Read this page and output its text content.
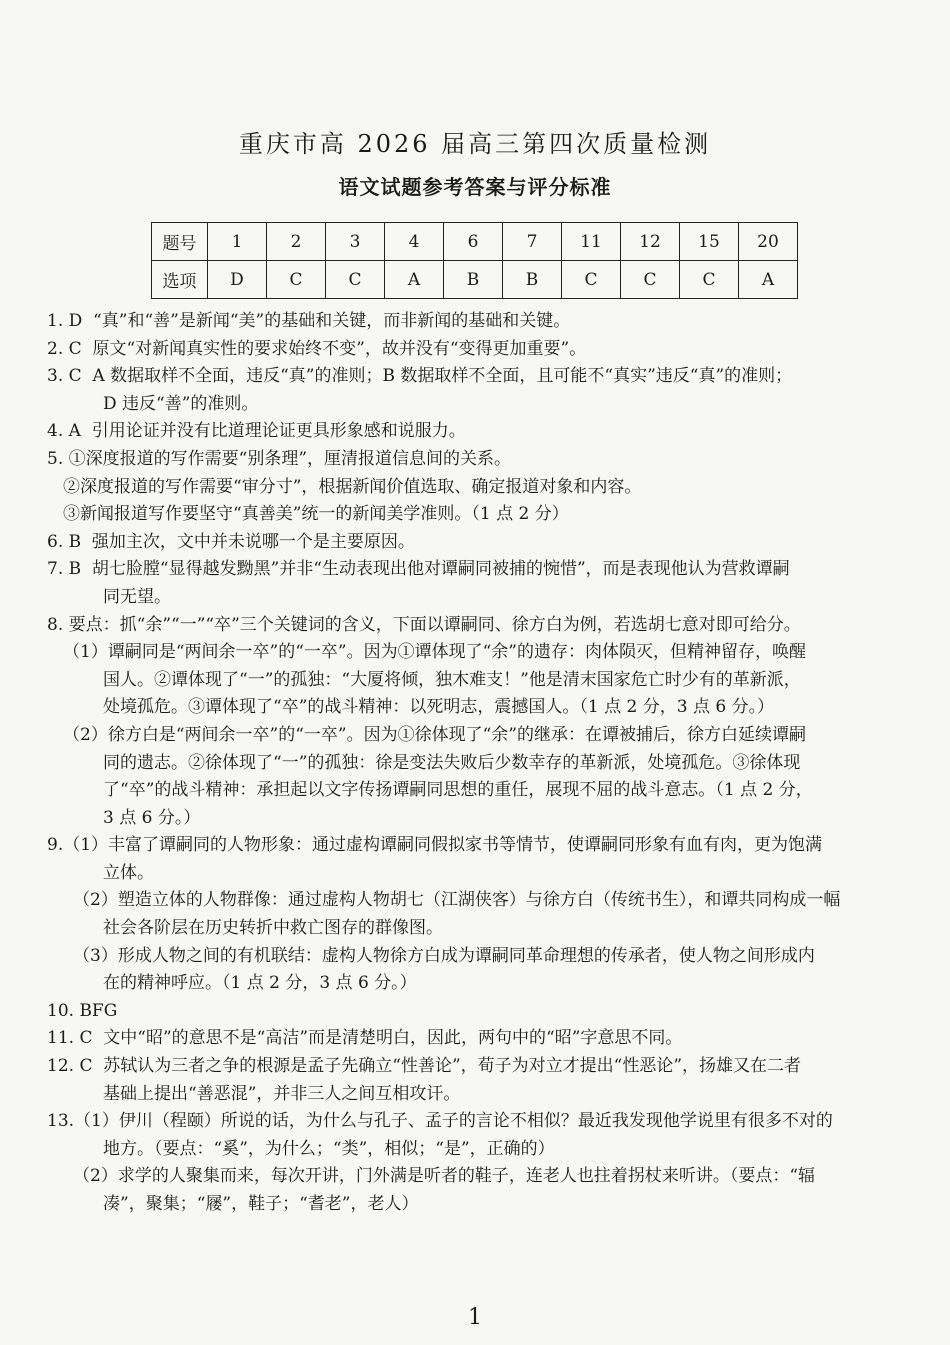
重庆市高 2026 届高三第四次质量检测
语文试题参考答案与评分标准
题号	1	2	3	4	6	7	11	12	15	20
选项	D	C	C	A	B	B	C	C	C	A
1. D  “真”和“善”是新闻“美”的基础和关键，而非新闻的基础和关键。
2. C  原文“对新闻真实性的要求始终不变”，故并没有“变得更加重要”。
3. C  A 数据取样不全面，违反“真”的准则；B 数据取样不全面，且可能不“真实”违反“真”的准则；
D 违反“善”的准则。
4. A  引用论证并没有比道理论证更具形象感和说服力。
5. ①深度报道的写作需要“别条理”，厘清报道信息间的关系。
②深度报道的写作需要“审分寸”，根据新闻价值选取、确定报道对象和内容。
③新闻报道写作要坚守“真善美”统一的新闻美学准则。（1 点 2 分）
6. B  强加主次，文中并未说哪一个是主要原因。
7. B  胡七脸膛“显得越发黝黑”并非“生动表现出他对谭嗣同被捕的惋惜”，而是表现他认为营救谭嗣
同无望。
8. 要点：抓“余”“一”“卒”三个关键词的含义，下面以谭嗣同、徐方白为例，若选胡七意对即可给分。
（1）谭嗣同是“两间余一卒”的“一卒”。因为①谭体现了“余”的遗存：肉体陨灭，但精神留存，唤醒
国人。②谭体现了“一”的孤独：“大厦将倾，独木难支！”他是清末国家危亡时少有的革新派，
处境孤危。③谭体现了“卒”的战斗精神：以死明志，震撼国人。（1 点 2 分，3 点 6 分。）
（2）徐方白是“两间余一卒”的“一卒”。因为①徐体现了“余”的继承：在谭被捕后，徐方白延续谭嗣
同的遗志。②徐体现了“一”的孤独：徐是变法失败后少数幸存的革新派，处境孤危。③徐体现
了“卒”的战斗精神：承担起以文字传扬谭嗣同思想的重任，展现不屈的战斗意志。（1 点 2 分，
3 点 6 分。）
9.（1）丰富了谭嗣同的人物形象：通过虚构谭嗣同假拟家书等情节，使谭嗣同形象有血有肉，更为饱满
立体。
（2）塑造立体的人物群像：通过虚构人物胡七（江湖侠客）与徐方白（传统书生），和谭共同构成一幅
社会各阶层在历史转折中救亡图存的群像图。
（3）形成人物之间的有机联结：虚构人物徐方白成为谭嗣同革命理想的传承者，使人物之间形成内
在的精神呼应。（1 点 2 分，3 点 6 分。）
10. BFG
11. C  文中“昭”的意思不是“高洁”而是清楚明白，因此，两句中的“昭”字意思不同。
12. C  苏轼认为三者之争的根源是孟子先确立“性善论”，荀子为对立才提出“性恶论”，扬雄又在二者
基础上提出“善恶混”，并非三人之间互相攻讦。
13.（1）伊川（程颐）所说的话，为什么与孔子、孟子的言论不相似？最近我发现他学说里有很多不对的
地方。（要点：“奚”，为什么；“类”，相似；“是”，正确的）
（2）求学的人聚集而来，每次开讲，门外满是听者的鞋子，连老人也拄着拐杖来听讲。（要点：“辐
凑”，聚集；“屦”，鞋子；“耆老”，老人）
1
